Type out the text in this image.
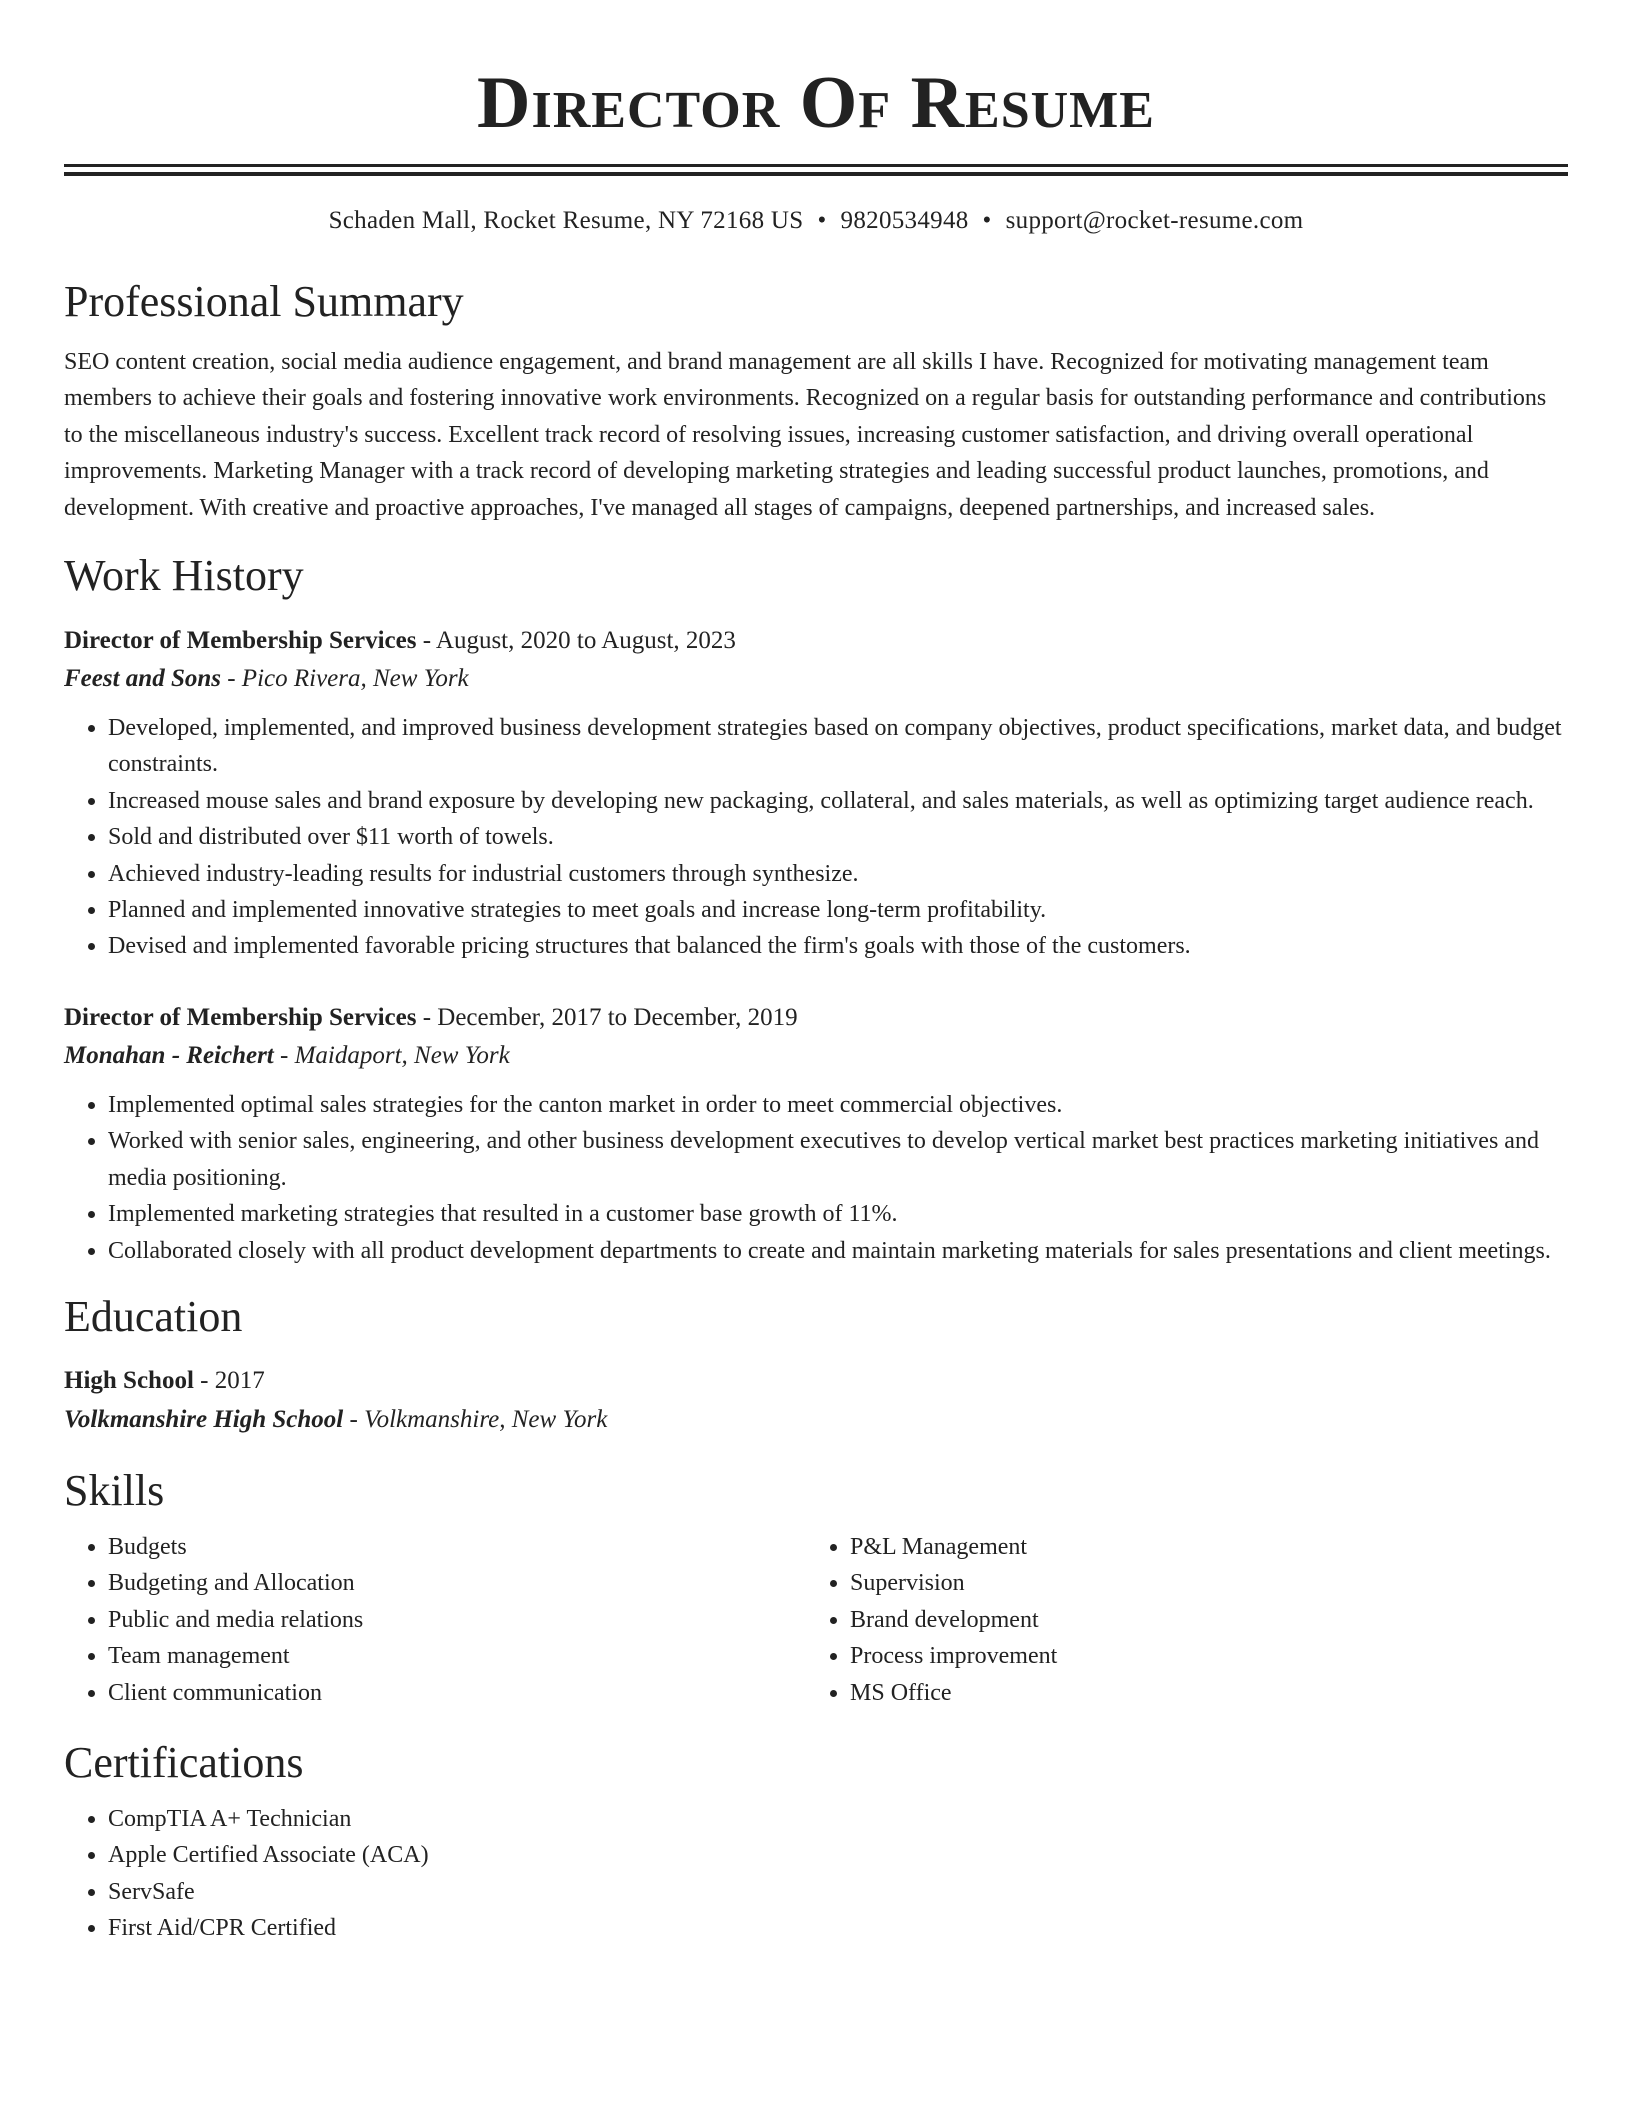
Director Of Resume
Schaden Mall, Rocket Resume, NY 72168 US • 9820534948 • support@rocket-resume.com
Professional Summary

SEO content creation, social media audience engagement, and brand management are all skills I have. Recognized for motivating management team members to achieve their goals and fostering innovative work environments. Recognized on a regular basis for outstanding performance and contributions to the miscellaneous industry's success. Excellent track record of resolving issues, increasing customer satisfaction, and driving overall operational improvements. Marketing Manager with a track record of developing marketing strategies and leading successful product launches, promotions, and development. With creative and proactive approaches, I've managed all stages of campaigns, deepened partnerships, and increased sales.

Work History
Director of Membership Services - August, 2020 to August, 2023
Feest and Sons - Pico Rivera, New York
• Developed, implemented, and improved business development strategies based on company objectives, product specifications, market data, and budget constraints.
• Increased mouse sales and brand exposure by developing new packaging, collateral, and sales materials, as well as optimizing target audience reach.
• Sold and distributed over $11 worth of towels.
• Achieved industry-leading results for industrial customers through synthesize.
• Planned and implemented innovative strategies to meet goals and increase long-term profitability.
• Devised and implemented favorable pricing structures that balanced the firm's goals with those of the customers.
Director of Membership Services - December, 2017 to December, 2019
Monahan - Reichert - Maidaport, New York
• Implemented optimal sales strategies for the canton market in order to meet commercial objectives.
• Worked with senior sales, engineering, and other business development executives to develop vertical market best practices marketing initiatives and media positioning.
• Implemented marketing strategies that resulted in a customer base growth of 11%.
• Collaborated closely with all product development departments to create and maintain marketing materials for sales presentations and client meetings.
Education
High School - 2017
Volkmanshire High School - Volkmanshire, New York
Skills
• Budgets
• Budgeting and Allocation
• Public and media relations
• Team management
• Client communication
• P&L Management
• Supervision
• Brand development
• Process improvement
• MS Office
Certifications
• CompTIA A+ Technician
• Apple Certified Associate (ACA)
• ServSafe
• First Aid/CPR Certified
